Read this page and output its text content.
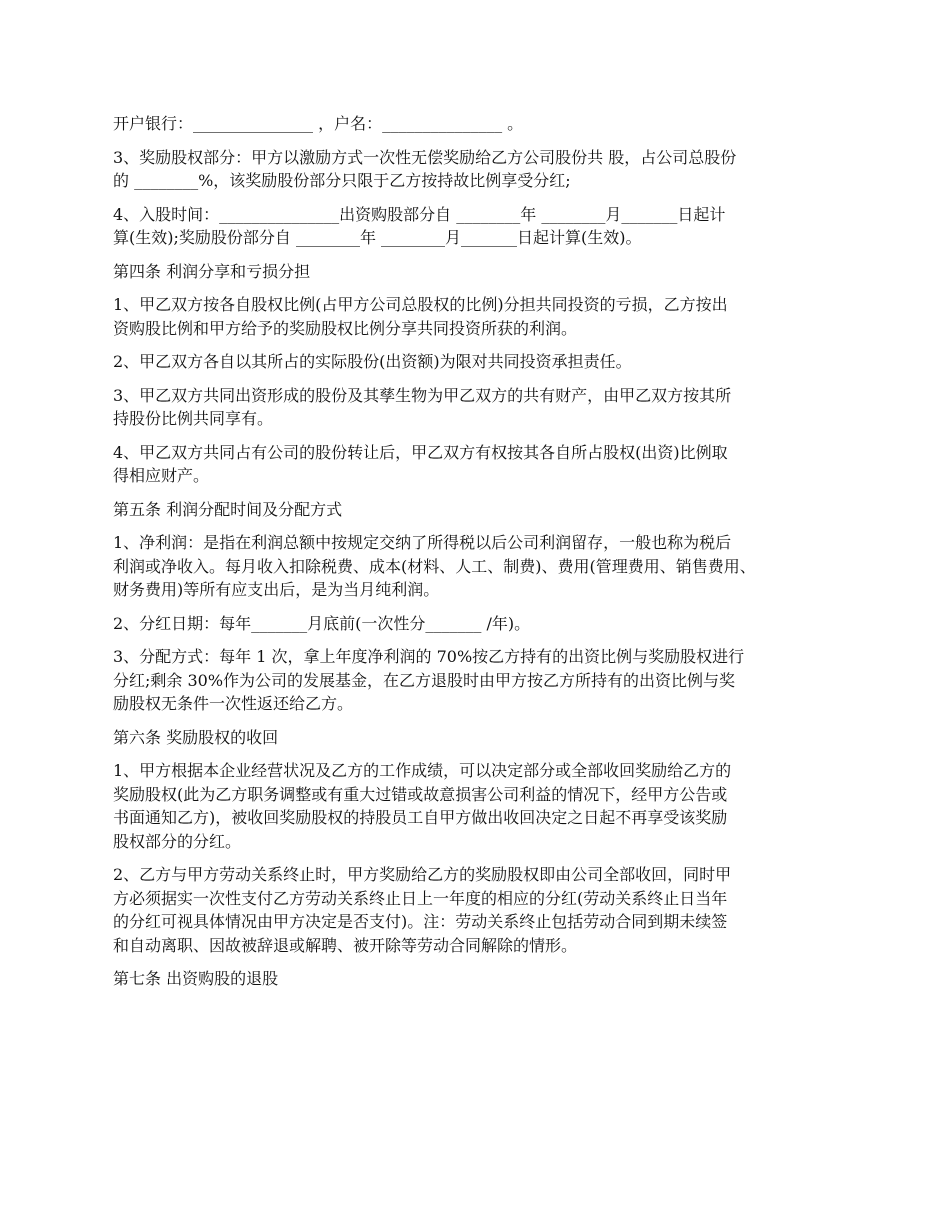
开户银行：_______________ ，户名：_______________ 。

3、奖励股权部分：甲方以激励方式一次性无偿奖励给乙方公司股份共 股，占公司总股份
的 ________%，该奖励股份部分只限于乙方按持故比例享受分红;

4、入股时间：_______________出资购股部分自 ________年 ________月_______日起计
算(生效);奖励股份部分自 ________年 ________月_______日起计算(生效)。

第四条 利润分享和亏损分担

1、甲乙双方按各自股权比例(占甲方公司总股权的比例)分担共同投资的亏损，乙方按出
资购股比例和甲方给予的奖励股权比例分享共同投资所获的利润。

2、甲乙双方各自以其所占的实际股份(出资额)为限对共同投资承担责任。

3、甲乙双方共同出资形成的股份及其孳生物为甲乙双方的共有财产，由甲乙双方按其所
持股份比例共同享有。

4、甲乙双方共同占有公司的股份转让后，甲乙双方有权按其各自所占股权(出资)比例取
得相应财产。

第五条 利润分配时间及分配方式

1、净利润：是指在利润总额中按规定交纳了所得税以后公司利润留存，一般也称为税后
利润或净收入。每月收入扣除税费、成本(材料、人工、制费)、费用(管理费用、销售费用、
财务费用)等所有应支出后，是为当月纯利润。

2、分红日期：每年_______月底前(一次性分_______ /年)。

3、分配方式：每年 1 次，拿上年度净利润的 70%按乙方持有的出资比例与奖励股权进行
分红;剩余 30%作为公司的发展基金，在乙方退股时由甲方按乙方所持有的出资比例与奖
励股权无条件一次性返还给乙方。

第六条 奖励股权的收回

1、甲方根据本企业经营状况及乙方的工作成绩，可以决定部分或全部收回奖励给乙方的
奖励股权(此为乙方职务调整或有重大过错或故意损害公司利益的情况下，经甲方公告或
书面通知乙方)，被收回奖励股权的持股员工自甲方做出收回决定之日起不再享受该奖励
股权部分的分红。

2、乙方与甲方劳动关系终止时，甲方奖励给乙方的奖励股权即由公司全部收回，同时甲
方必须据实一次性支付乙方劳动关系终止日上一年度的相应的分红(劳动关系终止日当年
的分红可视具体情况由甲方决定是否支付)。注：劳动关系终止包括劳动合同到期未续签
和自动离职、因故被辞退或解聘、被开除等劳动合同解除的情形。

第七条 出资购股的退股
